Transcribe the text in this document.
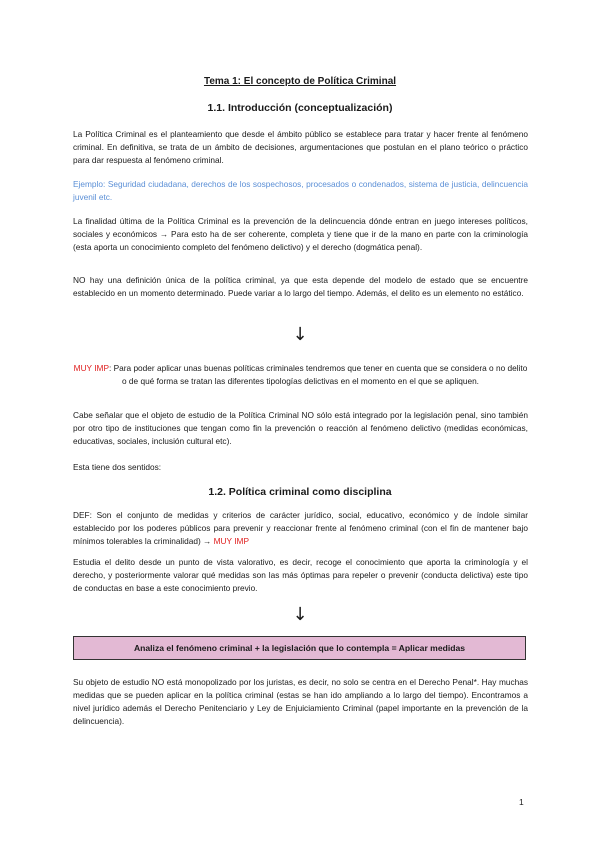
Tema 1: El concepto de Política Criminal
1.1. Introducción (conceptualización)
La Política Criminal es el planteamiento que desde el ámbito público se establece para tratar y hacer frente al fenómeno criminal. En definitiva, se trata de un ámbito de decisiones, argumentaciones que postulan en el plano teórico o práctico para dar respuesta al fenómeno criminal.
Ejemplo: Seguridad ciudadana, derechos de los sospechosos, procesados o condenados, sistema de justicia, delincuencia juvenil etc.
La finalidad última de la Política Criminal es la prevención de la delincuencia dónde entran en juego intereses políticos, sociales y económicos → Para esto ha de ser coherente, completa y tiene que ir de la mano en parte con la criminología (esta aporta un conocimiento completo del fenómeno delictivo) y el derecho (dogmática penal).
NO hay una definición única de la política criminal, ya que esta depende del modelo de estado que se encuentre establecido en un momento determinado. Puede variar a lo largo del tiempo. Además, el delito es un elemento no estático.
↓
MUY IMP: Para poder aplicar unas buenas políticas criminales tendremos que tener en cuenta que se considera o no delito o de qué forma se tratan las diferentes tipologías delictivas en el momento en el que se apliquen.
Cabe señalar que el objeto de estudio de la Política Criminal NO sólo está integrado por la legislación penal, sino también por otro tipo de instituciones que tengan como fin la prevención o reacción al fenómeno delictivo (medidas económicas, educativas, sociales, inclusión cultural etc).
Esta tiene dos sentidos:
1.2. Política criminal como disciplina
DEF: Son el conjunto de medidas y criterios de carácter jurídico, social, educativo, económico y de índole similar establecido por los poderes públicos para prevenir y reaccionar frente al fenómeno criminal (con el fin de mantener bajo mínimos tolerables la criminalidad) → MUY IMP
Estudia el delito desde un punto de vista valorativo, es decir, recoge el conocimiento que aporta la criminología y el derecho, y posteriormente valorar qué medidas son las más óptimas para repeler o prevenir (conducta delictiva) este tipo de conductas en base a este conocimiento previo.
↓
Analiza el fenómeno criminal + la legislación que lo contempla = Aplicar medidas
Su objeto de estudio NO está monopolizado por los juristas, es decir, no solo se centra en el Derecho Penal*. Hay muchas medidas que se pueden aplicar en la política criminal (estas se han ido ampliando a lo largo del tiempo). Encontramos a nivel jurídico además el Derecho Penitenciario y Ley de Enjuiciamiento Criminal (papel importante en la prevención de la delincuencia).
1
